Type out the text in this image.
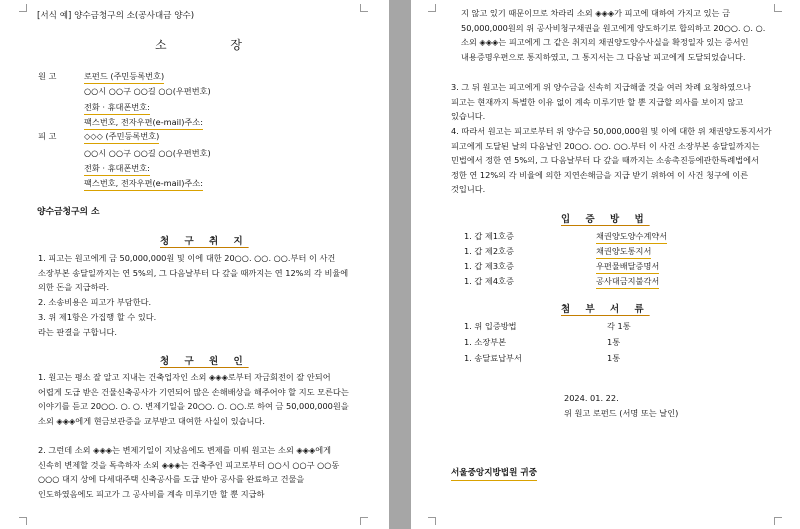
[서식 예] 양수금청구의 소(공사대금 양수)
소 장
원 고	로펀드 (주민등록번호)
○○시 ○○구 ○○길 ○○(우편번호)
전화 · 휴대폰번호:
팩스번호, 전자우편(e-mail)주소:
피 고	◇◇◇ (주민등록번호)
○○시 ○○구 ○○길 ○○(우편번호)
전화 · 휴대폰번호:
팩스번호, 전자우편(e-mail)주소:
양수금청구의 소
청 구 취 지
1. 피고는 원고에게 금 50,000,000원 및 이에 대한 20○○. ○○. ○○.부터 이 사건 소장부본 송달일까지는 연 5%의, 그 다음날부터 다 갚을 때까지는 연 12%의 각 비율에 의한 돈을 지급하라.
2. 소송비용은 피고가 부담한다.
3. 위 제1항은 가집행 할 수 있다.
라는 판결을 구합니다.
청 구 원 인
1. 원고는 평소 잘 알고 지내는 건축업자인 소외 ◈◈◈로부터 자금회전이 잘 안되어 어렵게 도급 받은 건물신축공사가 기연되어 많은 손해배상을 해주어야 할 지도 모른다는 이야기를 듣고 20○○. ○. ○. 변제기일을 20○○. ○. ○○.로 하여 금 50,000,000원을 소외 ◈◈◈에게 현금보관증을 교부받고 대여한 사실이 있습니다.
2. 그런데 소외 ◈◈◈는 변제기일이 지났음에도 변제를 미뤄 원고는 소외 ◈◈◈에게 신속히 변제할 것을 독촉하자 소외 ◈◈◈는 건축주인 피고로부터 ○○시 ○○구 ○○동 ○○○ 대지 상에 다세대주택 신축공사를 도급 받아 공사를 완료하고 건물을 인도하였음에도 피고가 그 공사비를 계속 미루기만 할 뿐 지급하
지 않고 있기 때문이므로 차라리 소외 ◈◈◈가 피고에 대하여 가지고 있는 금 50,000,000원의 위 공사비청구채권을 원고에게 양도하기로 합의하고 20○○. ○. ○. 소외 ◈◈◈는 피고에게 그 같은 취지의 채권양도양수사실을 확정일자 있는 증서인 내용증명우편으로 통지하였고, 그 통지서는 그 다음날 피고에게 도달되었습니다.
3. 그 뒤 원고는 피고에게 위 양수금을 신속히 지급해줄 것을 여러 차례 요청하였으나 피고는 현재까지 특별한 이유 없이 계속 미루기만 할 뿐 지급할 의사를 보이지 않고 있습니다.
4. 따라서 원고는 피고로부터 위 양수금 50,000,000원 및 이에 대한 위 채권양도통지서가 피고에게 도달된 날의 다음날인 20○○. ○○. ○○.부터 이 사건 소장부본 송달일까지는 민법에서 정한 연 5%의, 그 다음날부터 다 갚을 때까지는 소송촉진등에관한특례법에서 정한 연 12%의 각 비율에 의한 지연손해금을 지급 받기 위하여 이 사건 청구에 이른 것입니다.
입 증 방 법
1. 갑 제1호증	채권양도양수계약서
1. 갑 제2호증	채권양도통지서
1. 갑 제3호증	우편물배달증명서
1. 갑 제4호증	공사대금지불각서
첨 부 서 류
1. 위 입증방법	각 1통
1. 소장부본	1통
1. 송달료납부서	1통
2024. 01. 22.
위 원고 로펀드 (서명 또는 날인)
서울중앙지방법원 귀중
